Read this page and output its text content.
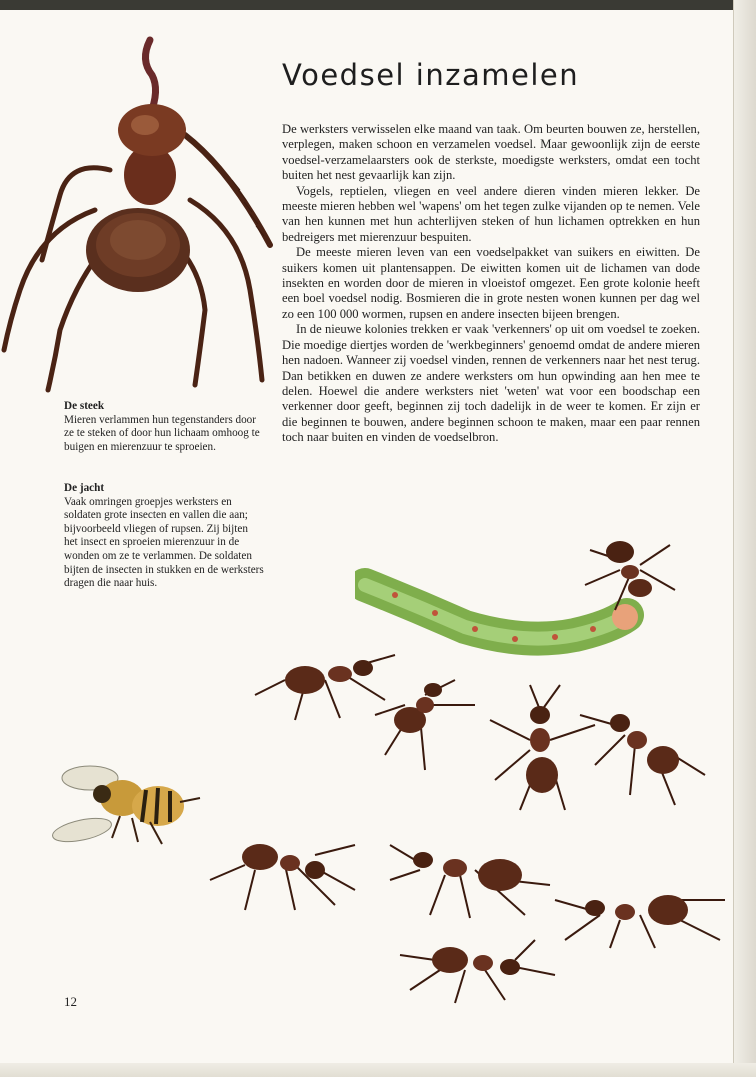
Voedsel inzamelen

De werksters verwisselen elke maand van taak. Om beurten bouwen ze, herstellen, verplegen, maken schoon en verzamelen voedsel. Maar gewoonlijk zijn de eerste voedsel-verzamelaarsters ook de sterkste, moedigste werksters, omdat een tocht buiten het nest gevaarlijk kan zijn.

Vogels, reptielen, vliegen en veel andere dieren vinden mieren lekker. De meeste mieren hebben wel 'wapens' om het tegen zulke vijanden op te nemen. Vele van hen kunnen met hun achterlijven steken of hun lichamen optrekken en hun bedreigers met mierenzuur bespuiten.

De meeste mieren leven van een voedselpakket van suikers en eiwitten. De suikers komen uit plantensappen. De eiwitten komen uit de lichamen van dode insekten en worden door de mieren in vloeistof omgezet. Een grote kolonie heeft een boel voedsel nodig. Bosmieren die in grote nesten wonen kunnen per dag wel zo een 100 000 wormen, rupsen en andere insecten bijeen brengen.

In de nieuwe kolonies trekken er vaak 'verkenners' op uit om voedsel te zoeken. Die moedige diertjes worden de 'werkbeginners' genoemd omdat de andere mieren hen nadoen. Wanneer zij voedsel vinden, rennen de verkenners naar het nest terug. Dan betikken en duwen ze andere werksters om hun opwinding aan hen mee te delen. Hoewel die andere werksters niet 'weten' wat voor een boodschap een verkenner door geeft, beginnen zij toch dadelijk in de weer te komen. Er zijn er die beginnen te bouwen, andere beginnen schoon te maken, maar een paar rennen toch naar buiten en vinden de voedselbron.

De steek
Mieren verlammen hun tegenstanders door ze te steken of door hun lichaam omhoog te buigen en mierenzuur te sproeien.
De jacht
Vaak omringen groepjes werksters en soldaten grote insecten en vallen die aan; bijvoorbeeld vliegen of rupsen. Zij bijten het insect en sproeien mierenzuur in de wonden om ze te verlammen. De soldaten bijten de insecten in stukken en de werksters dragen die naar huis.
12
